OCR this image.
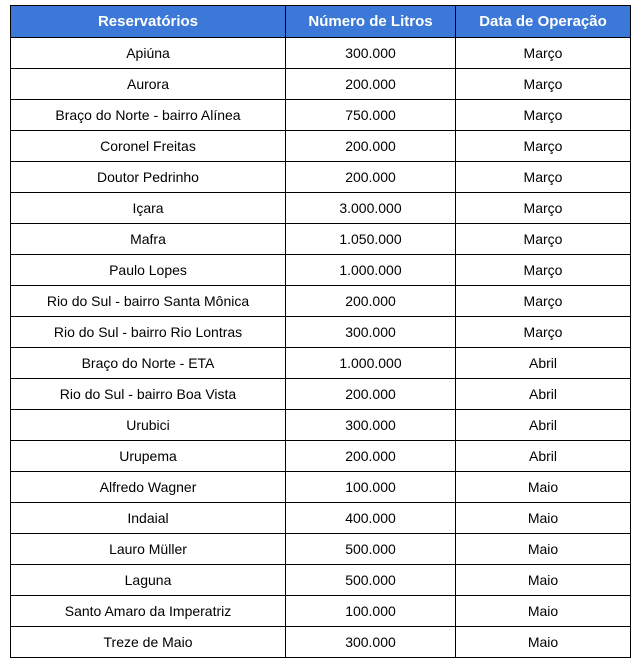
Reservatórios	Número de Litros	Data de Operação
Apiúna	300.000	Março
Aurora	200.000	Março
Braço do Norte - bairro Alínea	750.000	Março
Coronel Freitas	200.000	Março
Doutor Pedrinho	200.000	Março
Içara	3.000.000	Março
Mafra	1.050.000	Março
Paulo Lopes	1.000.000	Março
Rio do Sul - bairro Santa Mônica	200.000	Março
Rio do Sul - bairro Rio Lontras	300.000	Março
Braço do Norte - ETA	1.000.000	Abril
Rio do Sul - bairro Boa Vista	200.000	Abril
Urubici	300.000	Abril
Urupema	200.000	Abril
Alfredo Wagner	100.000	Maio
Indaial	400.000	Maio
Lauro Müller	500.000	Maio
Laguna	500.000	Maio
Santo Amaro da Imperatriz	100.000	Maio
Treze de Maio	300.000	Maio
